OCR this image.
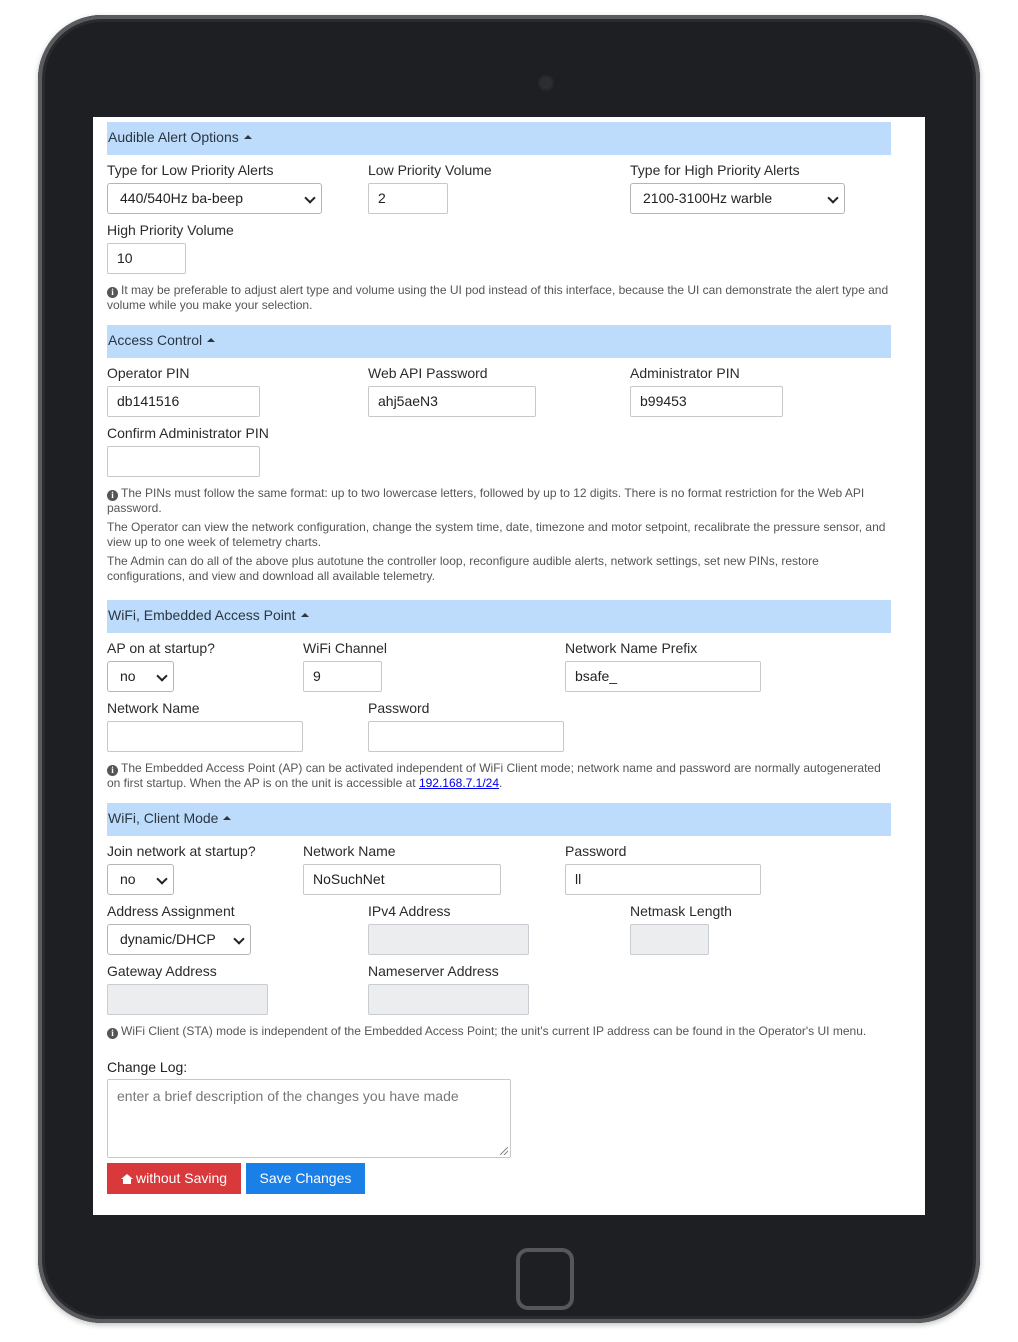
Audible Alert Options
Type for Low Priority Alerts
440/540Hz ba-beep
Low Priority Volume
2
Type for High Priority Alerts
2100-3100Hz warble
High Priority Volume
10
i It may be preferable to adjust alert type and volume using the UI pod instead of this interface, because the UI can demonstrate the alert type and volume while you make your selection.
Access Control
Operator PIN
db141516
Web API Password
ahj5aeN3
Administrator PIN
b99453
Confirm Administrator PIN

i The PINs must follow the same format: up to two lowercase letters, followed by up to 12 digits. There is no format restriction for the Web API password.

The Operator can view the network configuration, change the system time, date, timezone and motor setpoint, recalibrate the pressure sensor, and view up to one week of telemetry charts.

The Admin can do all of the above plus autotune the controller loop, reconfigure audible alerts, network settings, set new PINs, restore configurations, and view and download all available telemetry.

WiFi, Embedded Access Point
AP on at startup?
no
WiFi Channel
9
Network Name Prefix
bsafe_
Network Name	Password
i The Embedded Access Point (AP) can be activated independent of WiFi Client mode; network name and password are normally autogenerated on first startup. When the AP is on the unit is accessible at 192.168.7.1/24.
WiFi, Client Mode
Join network at startup?
no
Network Name
NoSuchNet
Password
ll
Address Assignment
dynamic/DHCP
IPv4 Address	Netmask Length
Gateway Address	Nameserver Address
i WiFi Client (STA) mode is independent of the Embedded Access Point; the unit's current IP address can be found in the Operator's UI menu.
Change Log:
enter a brief description of the changes you have made
without Saving Save Changes
